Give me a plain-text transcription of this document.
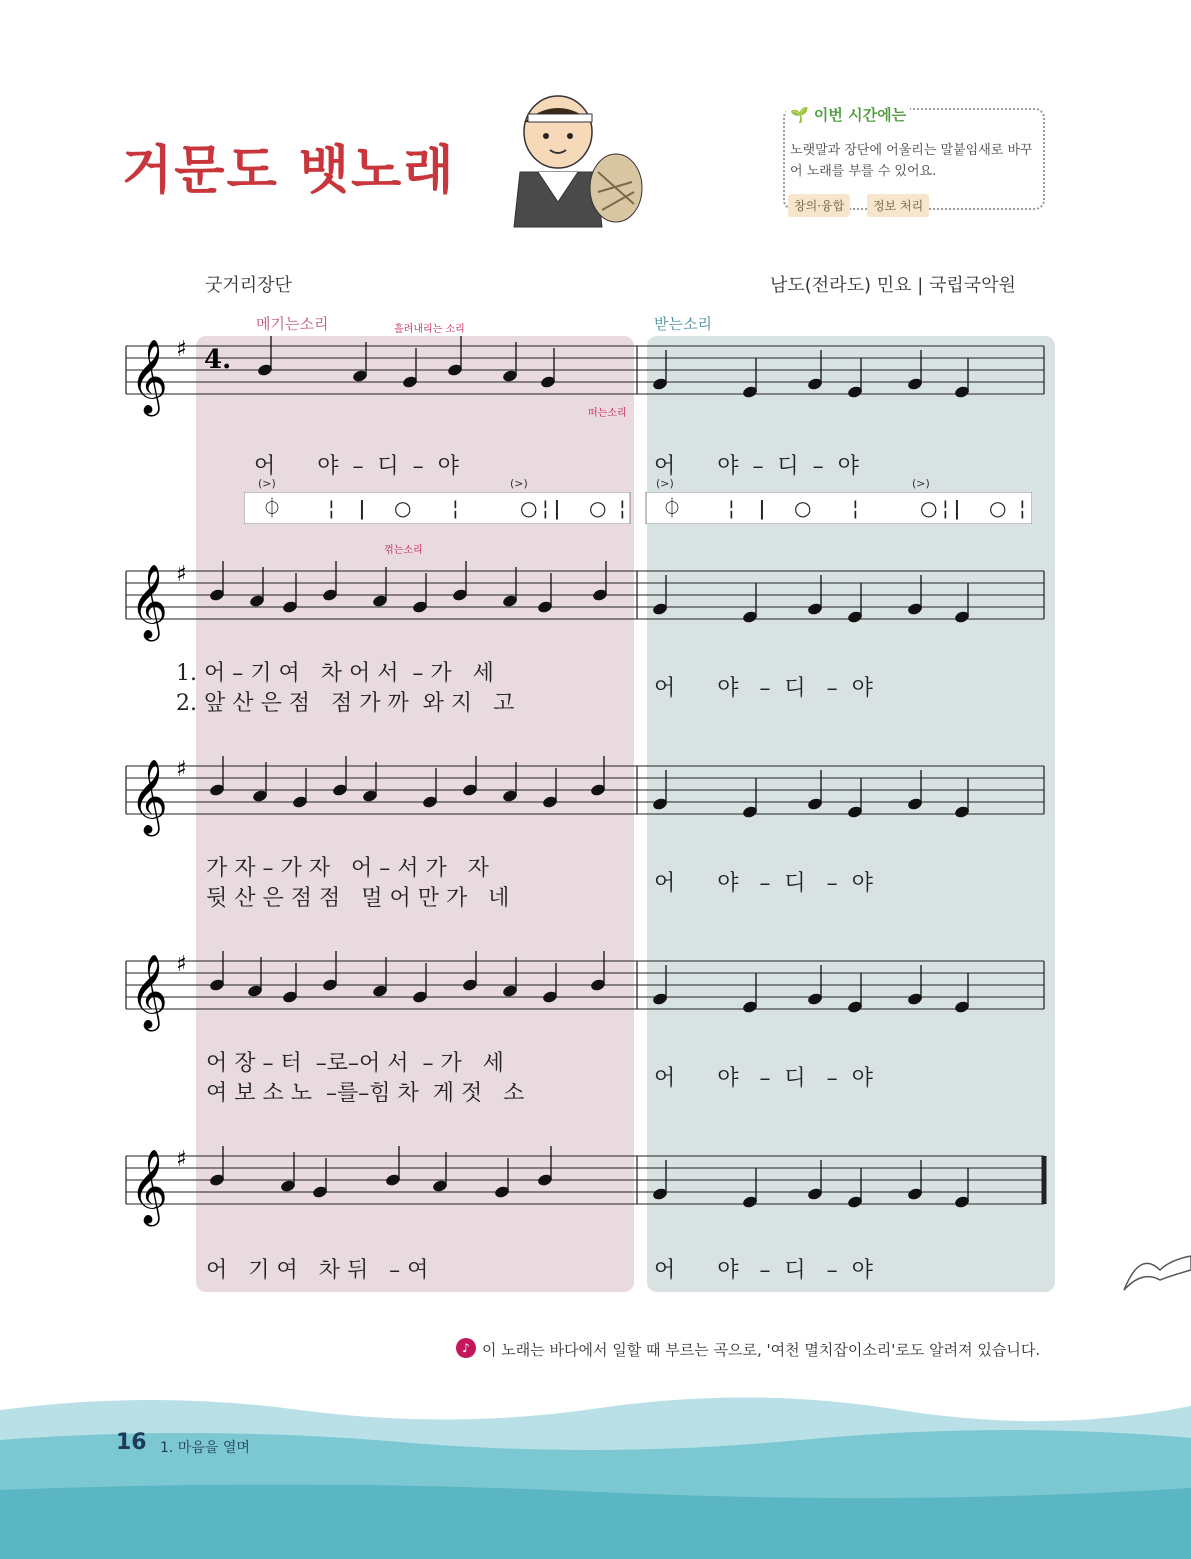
거문도 뱃노래
🌱 이번 시간에는
노랫말과 장단에 어울리는 말붙임새로 바꾸어 노래를 부를 수 있어요.
창의·융합	정보 처리
굿거리장단	남도(전라도) 민요 | 국립국악원
메기는소리	받는소리
흘려내리는 소리
떠는소리
꺾는소리
𝄞 ♯
𝄞 ♯
𝄞 ♯
𝄞 ♯
𝄞 ♯
4.
⏀ ¦ ǀ ○ ¦	○ ¦ ǀ ○ ¦ ⏀ ¦ ǀ ○ ¦	○ ¦ ǀ ○ ¦
(>)	(>)	(>)	(>)
어      야  –  디  –  야	어      야  –  디  –  야
1. 어 – 기 여   차 어 서  – 가   세
2. 앞 산 은 점   점 가 까  와 지   고
어      야   –  디   –  야
가 자 – 가 자   어 – 서 가   자
뒷 산 은 점 점   멀 어 만 가   네
어      야   –  디   –  야
어 장 – 터  –로–어 서  – 가   세
여 보 소 노  –를–힘 차  게 젓   소
어      야   –  디   –  야
어   기 여   차 뒤   – 여	어      야   –  디   –  야
♪ 이 노래는 바다에서 일할 때 부르는 곡으로, '여천 멸치잡이소리'로도 알려져 있습니다.
16 1. 마음을 열며
